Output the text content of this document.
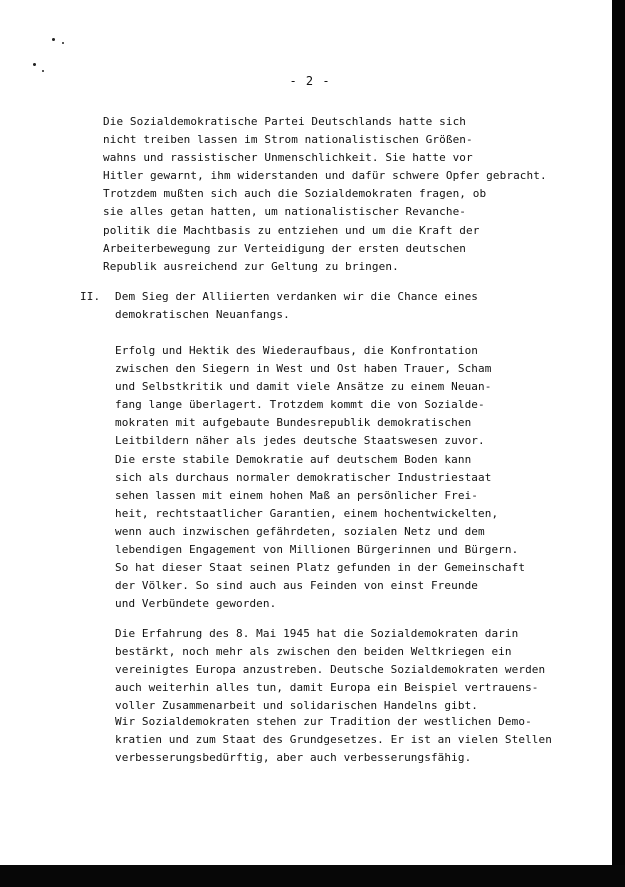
- 2 -
Die Sozialdemokratische Partei Deutschlands hatte sich
nicht treiben lassen im Strom nationalistischen Größen-
wahns und rassistischer Unmenschlichkeit. Sie hatte vor
Hitler gewarnt, ihm widerstanden und dafür schwere Opfer gebracht.
Trotzdem mußten sich auch die Sozialdemokraten fragen, ob
sie alles getan hatten, um nationalistischer Revanche-
politik die Machtbasis zu entziehen und um die Kraft der
Arbeiterbewegung zur Verteidigung der ersten deutschen
Republik ausreichend zur Geltung zu bringen.
II. Dem Sieg der Alliierten verdanken wir die Chance eines
demokratischen Neuanfangs.
Erfolg und Hektik des Wiederaufbaus, die Konfrontation
zwischen den Siegern in West und Ost haben Trauer, Scham
und Selbstkritik und damit viele Ansätze zu einem Neuan-
fang lange überlagert. Trotzdem kommt die von Sozialde-
mokraten mit aufgebaute Bundesrepublik demokratischen
Leitbildern näher als jedes deutsche Staatswesen zuvor.
Die erste stabile Demokratie auf deutschem Boden kann
sich als durchaus normaler demokratischer Industriestaat
sehen lassen mit einem hohen Maß an persönlicher Frei-
heit, rechtstaatlicher Garantien, einem hochentwickelten,
wenn auch inzwischen gefährdeten, sozialen Netz und dem
lebendigen Engagement von Millionen Bürgerinnen und Bürgern.
So hat dieser Staat seinen Platz gefunden in der Gemeinschaft
der Völker. So sind auch aus Feinden von einst Freunde
und Verbündete geworden.
Die Erfahrung des 8. Mai 1945 hat die Sozialdemokraten darin
bestärkt, noch mehr als zwischen den beiden Weltkriegen ein
vereinigtes Europa anzustreben. Deutsche Sozialdemokraten werden
auch weiterhin alles tun, damit Europa ein Beispiel vertrauens-
voller Zusammenarbeit und solidarischen Handelns gibt.
Wir Sozialdemokraten stehen zur Tradition der westlichen Demo-
kratien und zum Staat des Grundgesetzes. Er ist an vielen Stellen
verbesserungsbedürftig, aber auch verbesserungsfähig.
